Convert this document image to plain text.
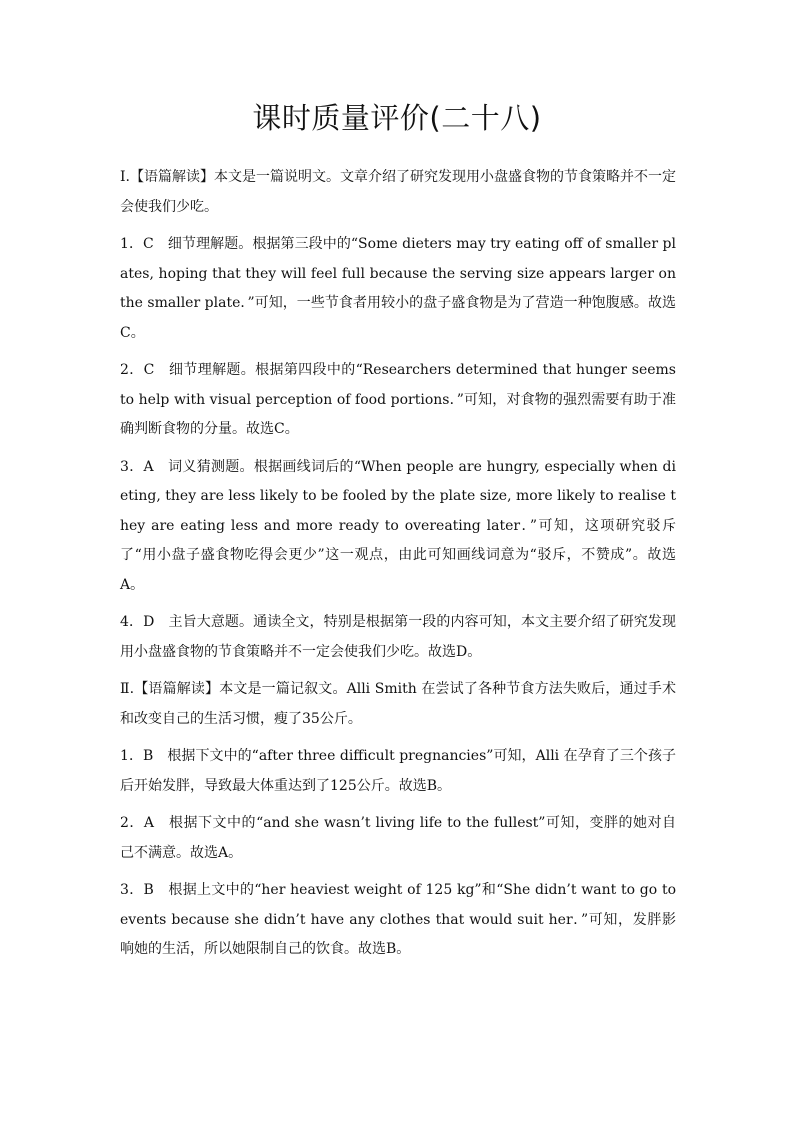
课时质量评价(二十八)

Ⅰ.【语篇解读】本文是一篇说明文。文章介绍了研究发现用小盘盛食物的节食策略并不一定会使我们少吃。

1．C　细节理解题。根据第三段中的“Some dieters may try eating off of smaller plates, hoping that they will feel full because the serving size appears larger on the smaller plate．”可知，一些节食者用较小的盘子盛食物是为了营造一种饱腹感。故选C。

2．C　细节理解题。根据第四段中的“Researchers determined that hunger seems to help with visual perception of food portions．”可知，对食物的强烈需要有助于准确判断食物的分量。故选C。

3．A　词义猜测题。根据画线词后的“When people are hungry, especially when dieting, they are less likely to be fooled by the plate size, more likely to realise they are eating less and more ready to overeating later．”可知，这项研究驳斥了“用小盘子盛食物吃得会更少”这一观点，由此可知画线词意为“驳斥，不赞成”。故选A。

4．D　主旨大意题。通读全文，特别是根据第一段的内容可知，本文主要介绍了研究发现用小盘盛食物的节食策略并不一定会使我们少吃。故选D。

Ⅱ.【语篇解读】本文是一篇记叙文。Alli Smith 在尝试了各种节食方法失败后，通过手术和改变自己的生活习惯，瘦了35公斤。

1．B　根据下文中的“after three difficult pregnancies”可知，Alli 在孕育了三个孩子后开始发胖，导致最大体重达到了125公斤。故选B。

2．A　根据下文中的“and she wasn’t living life to the fullest”可知，变胖的她对自己不满意。故选A。

3．B　根据上文中的“her heaviest weight of 125 kg”和“She didn’t want to go to events because she didn’t have any clothes that would suit her．”可知，发胖影响她的生活，所以她限制自己的饮食。故选B。
